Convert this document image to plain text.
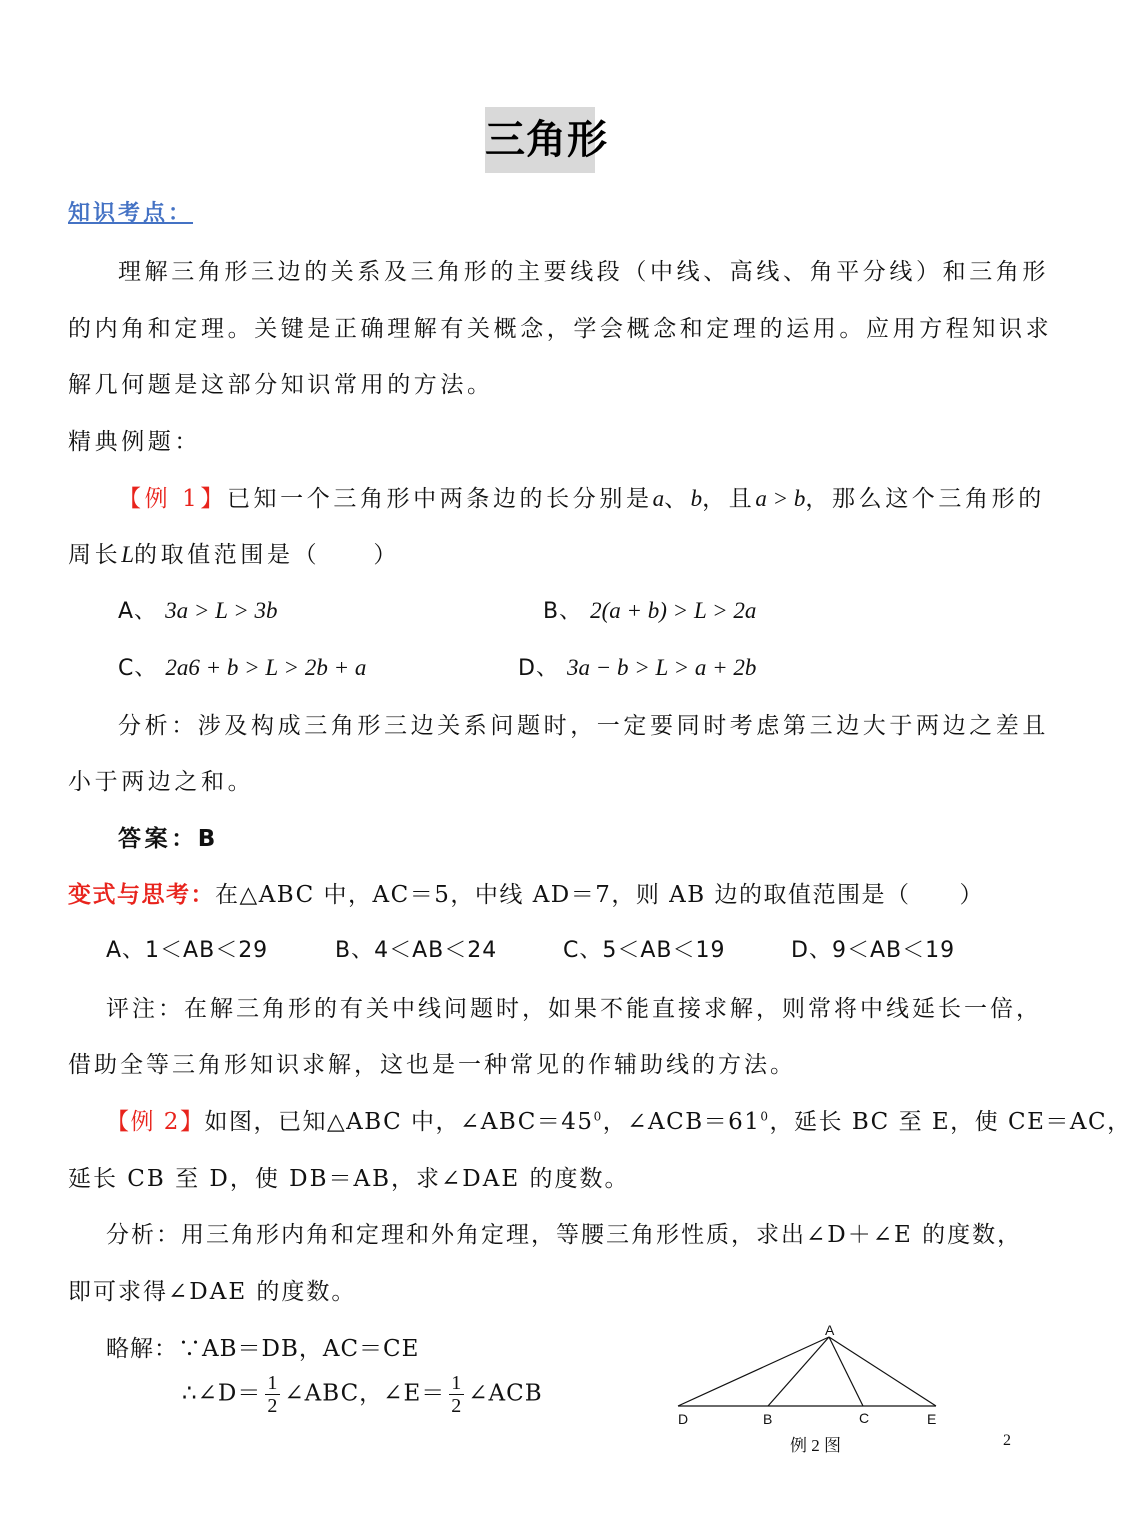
三角形
知识考点：
理解三角形三边的关系及三角形的主要线段（中线、高线、角平分线）和三角形
的内角和定理。关键是正确理解有关概念，学会概念和定理的运用。应用方程知识求
解几何题是这部分知识常用的方法。
精典例题：
【例 1】已知一个三角形中两条边的长分别是a、b，且a > b，那么这个三角形的
周长L的取值范围是（　　）
A、 3a > L > 3b	B、 2(a + b) > L > 2a
C、 2a6 + b > L > 2b + a	D、 3a − b > L > a + 2b
分析：涉及构成三角形三边关系问题时，一定要同时考虑第三边大于两边之差且
小于两边之和。
答案：B
变式与思考：在△ABC 中，AC＝5，中线 AD＝7，则 AB 边的取值范围是（　　）
A、1＜AB＜29	B、4＜AB＜24	C、5＜AB＜19	D、9＜AB＜19
评注：在解三角形的有关中线问题时，如果不能直接求解，则常将中线延长一倍，
借助全等三角形知识求解，这也是一种常见的作辅助线的方法。
【例 2】如图，已知△ABC 中，$\angle ABC=45^0$，$\angle ACB=61^0$，延长 BC 至 E，使 CE＝AC，
延长 CB 至 D，使 DB＝AB，求∠DAE 的度数。
分析：用三角形内角和定理和外角定理，等腰三角形性质，求出∠D＋∠E 的度数，
即可求得∠DAE 的度数。
略解：∵AB＝DB，AC＝CE
∴∠D＝ $\frac{1}{2}$ ∠ABC，∠E＝ $\frac{1}{2}$ ∠ACB
A
D	B	C	E
例 2 图	2
